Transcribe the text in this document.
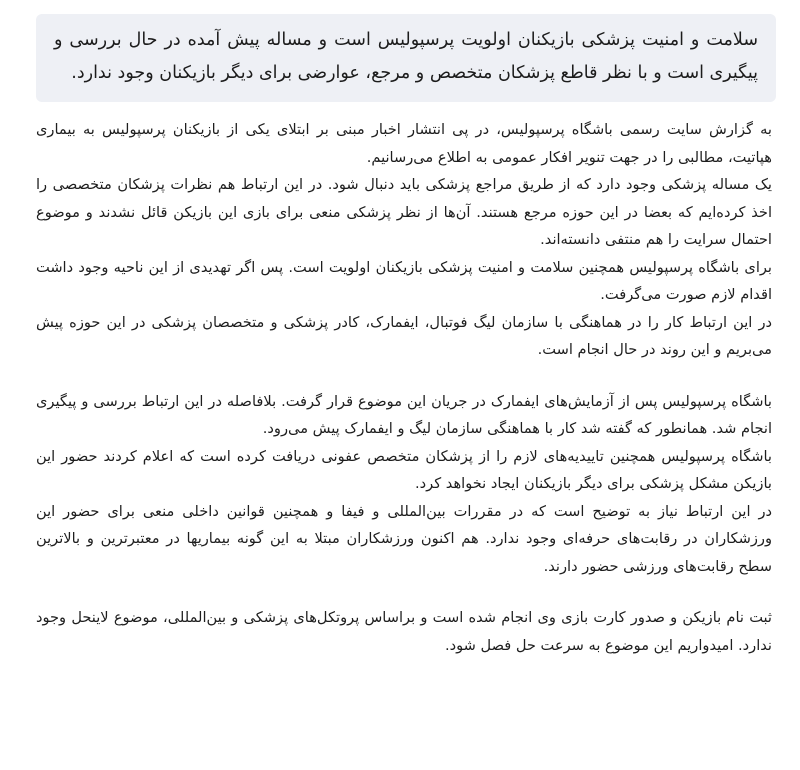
سلامت و امنیت پزشکی بازیکنان اولویت پرسپولیس است و مساله پیش آمده در حال بررسی و پیگیری است و با نظر قاطع پزشکان متخصص و مرجع، عوارضی برای دیگر بازیکنان وجود ندارد.

به گزارش سایت رسمی باشگاه پرسپولیس، در پی انتشار اخبار مبنی بر ابتلای یکی از بازیکنان پرسپولیس به بیماری هپاتیت، مطالبی را در جهت تنویر افکار عمومی به اطلاع می‌رسانیم.

یک مساله پزشکی وجود دارد که از طریق مراجع پزشکی باید دنبال شود. در این ارتباط هم نظرات پزشکان متخصصی را اخذ کرده‌ایم که بعضا در این حوزه مرجع هستند. آن‌ها از نظر پزشکی منعی برای بازی این بازیکن قائل نشدند و موضوع احتمال سرایت را هم منتفی دانسته‌اند.

برای باشگاه پرسپولیس همچنین سلامت و امنیت پزشکی بازیکنان اولویت است. پس اگر تهدیدی از این ناحیه وجود داشت اقدام لازم صورت می‌گرفت.

در این ارتباط کار را در هماهنگی با سازمان لیگ فوتبال، ایفمارک، کادر پزشکی و متخصصان پزشکی در این حوزه پیش می‌بریم و این روند در حال انجام است.

باشگاه پرسپولیس پس از آزمایش‌های ایفمارک در جریان این موضوع قرار گرفت. بلافاصله در این ارتباط بررسی و پیگیری انجام شد. همانطور که گفته شد کار با هماهنگی سازمان لیگ و ایفمارک پیش می‌رود.

باشگاه پرسپولیس همچنین تاییدیه‌های لازم را از پزشکان متخصص عفونی دریافت کرده است که اعلام کردند حضور این بازیکن مشکل پزشکی برای دیگر بازیکنان ایجاد نخواهد کرد.

در این ارتباط نیاز به توضیح است که در مقررات بین‌المللی و فیفا و همچنین قوانین داخلی منعی برای حضور این ورزشکاران در رقابت‌های حرفه‌ای وجود ندارد. هم اکنون ورزشکاران مبتلا به این گونه بیماریها در معتبرترین و بالاترین سطح رقابت‌های ورزشی حضور دارند.

ثبت نام بازیکن و صدور کارت بازی وی انجام شده است و براساس پروتکل‌های پزشکی و بین‌المللی، موضوع لاینحل وجود ندارد. امیدواریم این موضوع به سرعت حل فصل شود.
